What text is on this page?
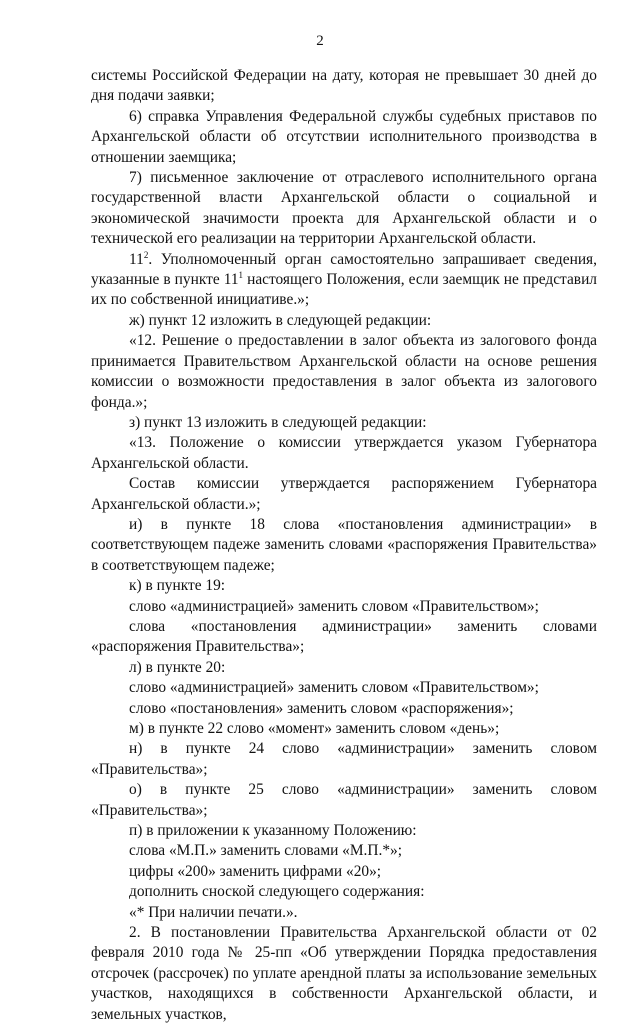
2

системы Российской Федерации на дату, которая не превышает 30 дней до дня подачи заявки;

6) справка Управления Федеральной службы судебных приставов по Архангельской области об отсутствии исполнительного производства в отношении заемщика;

7) письменное заключение от отраслевого исполнительного органа государственной власти Архангельской области о социальной и экономической значимости проекта для Архангельской области и о технической его реализации на территории Архангельской области.

$11^2$. Уполномоченный орган самостоятельно запрашивает сведения, указанные в пункте $11^1$ настоящего Положения, если заемщик не представил их по собственной инициативе.»;

ж) пункт 12 изложить в следующей редакции:

«12. Решение о предоставлении в залог объекта из залогового фонда принимается Правительством Архангельской области на основе решения комиссии о возможности предоставления в залог объекта из залогового фонда.»;

з) пункт 13 изложить в следующей редакции:

«13. Положение о комиссии утверждается указом Губернатора Архангельской области.

Состав комиссии утверждается распоряжением Губернатора Архангельской области.»;

и) в пункте 18 слова «постановления администрации» в соответствующем падеже заменить словами «распоряжения Правительства» в соответствующем падеже;

к) в пункте 19:

слово «администрацией» заменить словом «Правительством»;

слова «постановления администрации» заменить словами «распоряжения Правительства»;

л) в пункте 20:

слово «администрацией» заменить словом «Правительством»;

слово «постановления» заменить словом «распоряжения»;

м) в пункте 22 слово «момент» заменить словом «день»;

н) в пункте 24 слово «администрации» заменить словом «Правительства»;

о) в пункте 25 слово «администрации» заменить словом «Правительства»;

п) в приложении к указанному Положению:

слова «М.П.» заменить словами «М.П.*»;

цифры «200» заменить цифрами «20»;

дополнить сноской следующего содержания:

«* При наличии печати.».

2. В постановлении Правительства Архангельской области от 02 февраля 2010 года № 25-пп «Об утверждении Порядка предоставления отсрочек (рассрочек) по уплате арендной платы за использование земельных участков, находящихся в собственности Архангельской области, и земельных участков,
